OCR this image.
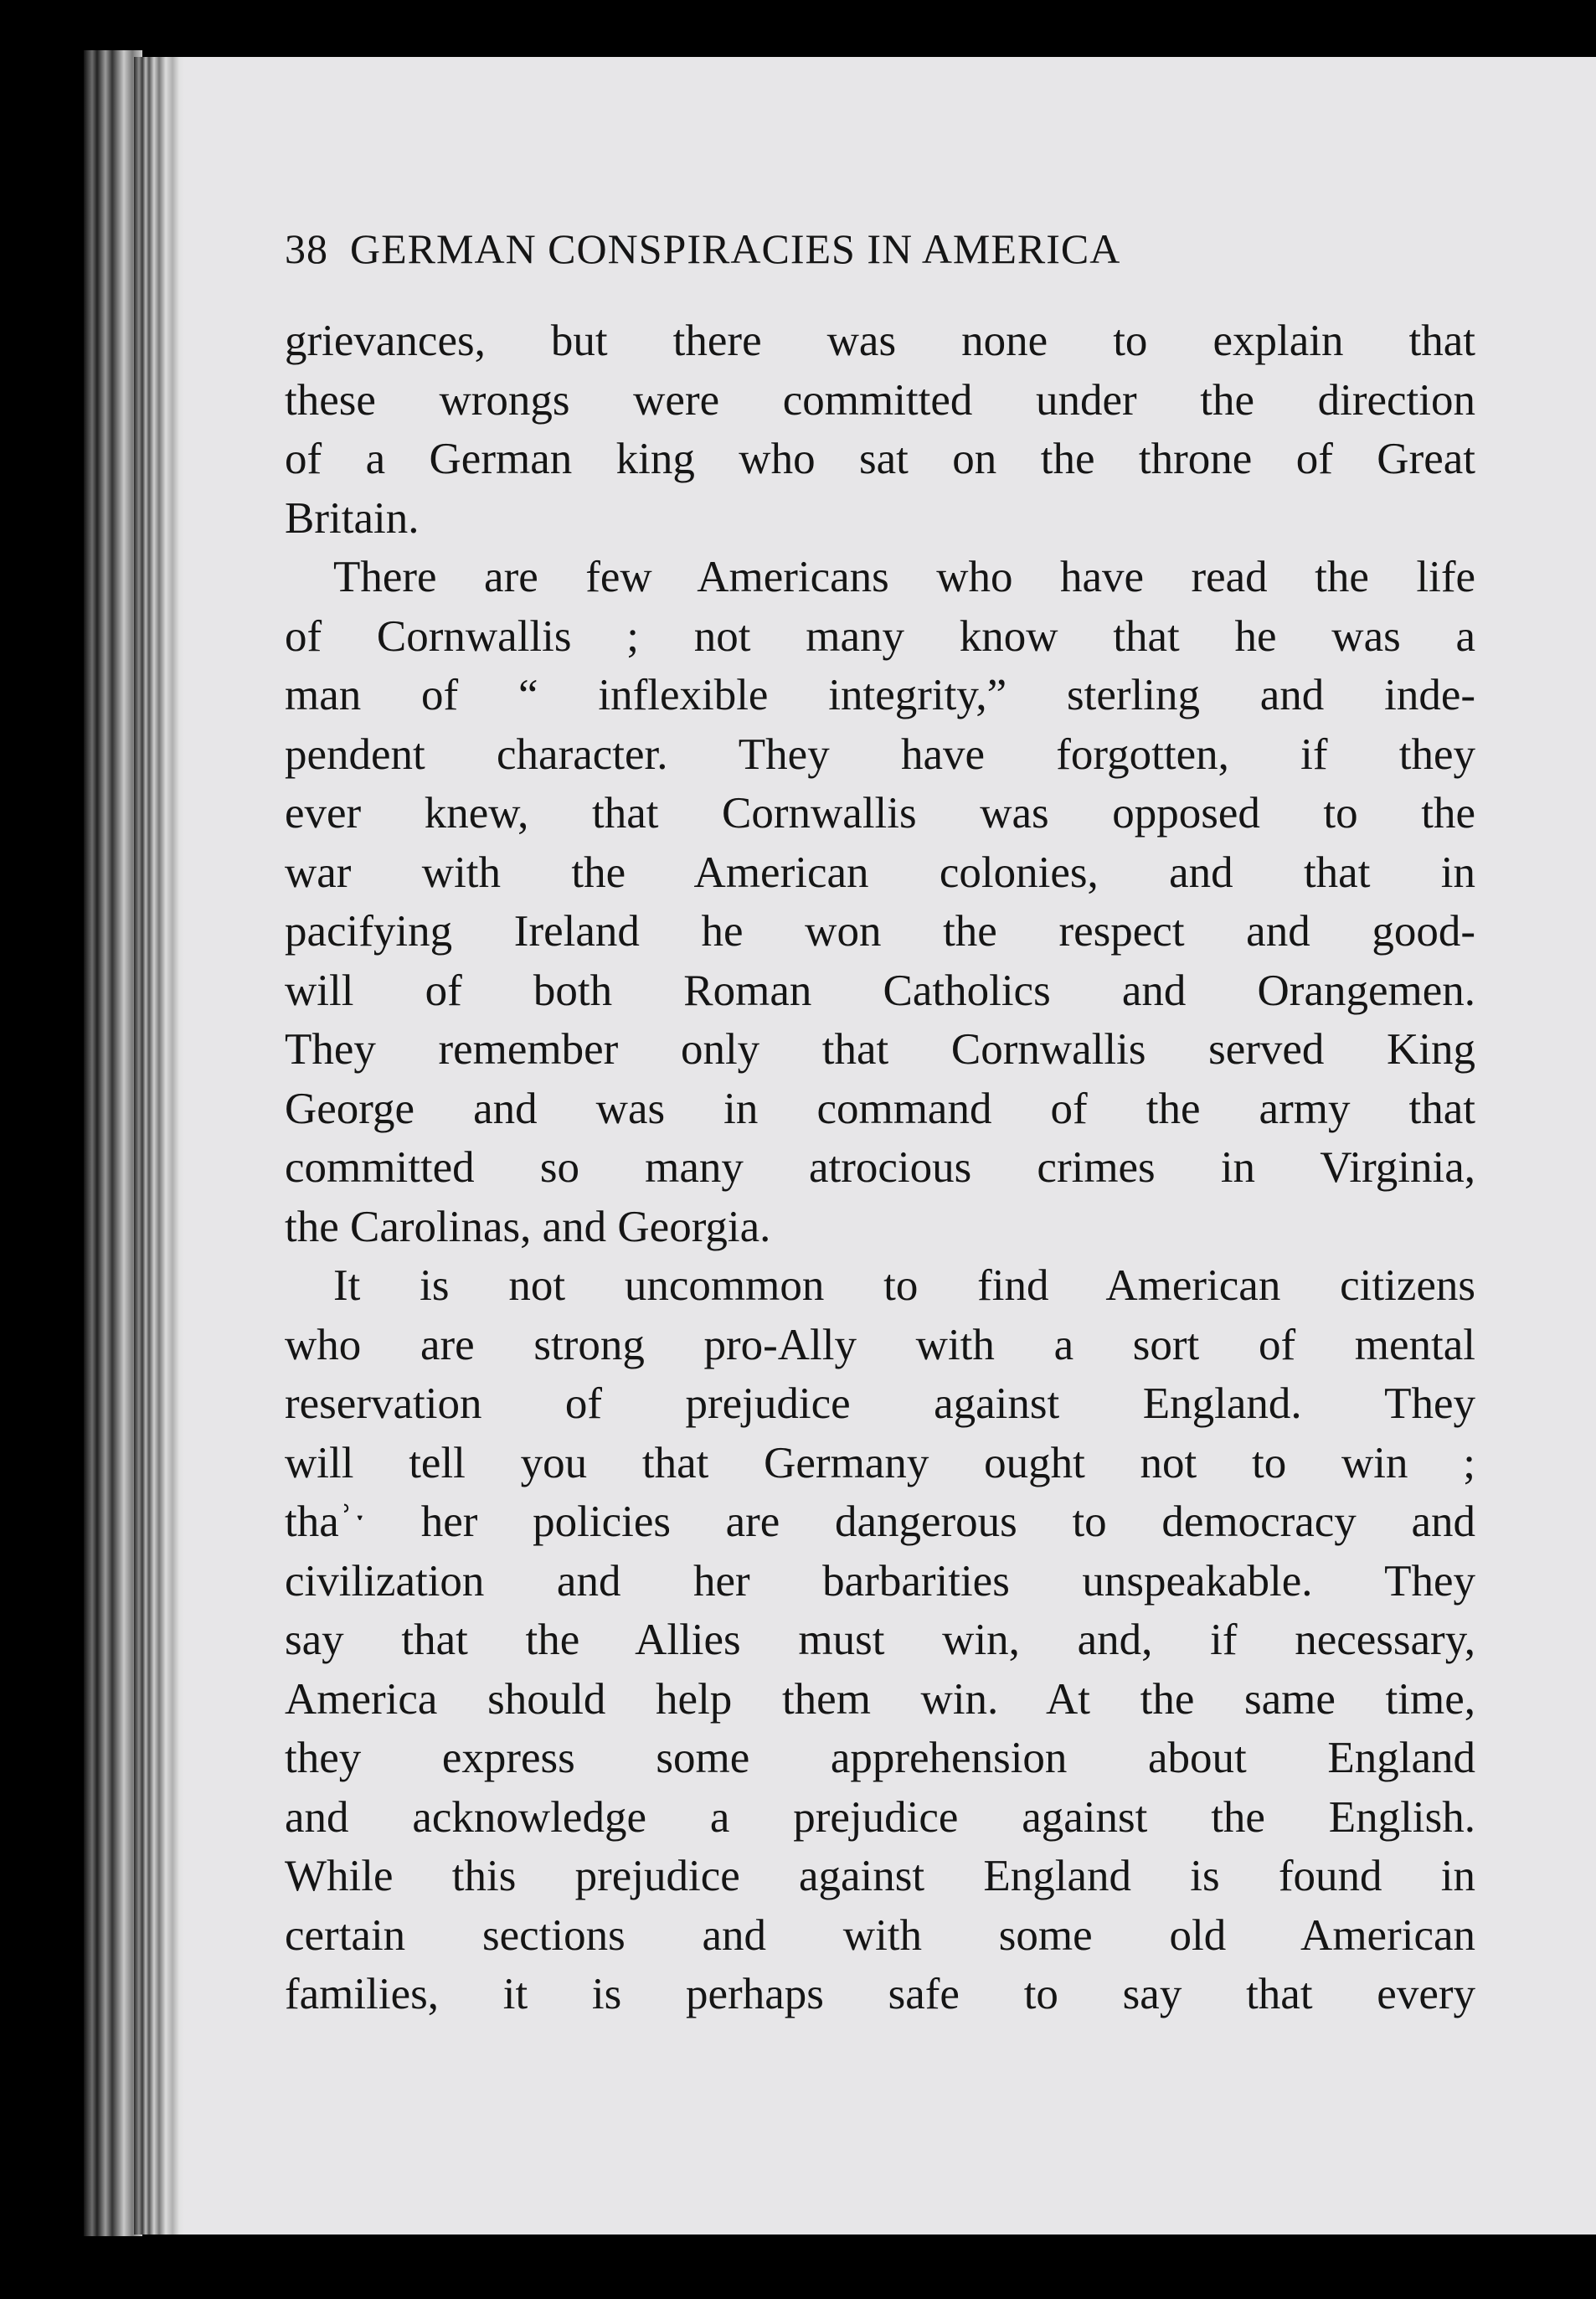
38 GERMAN CONSPIRACIES IN AMERICA
grievances, but there was none to explain that
these wrongs were committed under the direction
of a German king who sat on the throne of Great
Britain.
There are few Americans who have read the life
of Cornwallis ; not many know that he was a
man of “ inflexible integrity,” sterling and inde-
pendent character. They have forgotten, if they
ever knew, that Cornwallis was opposed to the
war with the American colonies, and that in
pacifying Ireland he won the respect and good-
will of both Roman Catholics and Orangemen.
They remember only that Cornwallis served King
George and was in command of the army that
committed so many atrocious crimes in Virginia,
the Carolinas, and Georgia.
It is not uncommon to find American citizens
who are strong pro-Ally with a sort of mental
reservation of prejudice against England. They
will tell you that Germany ought not to win ;
thaʾˑ her policies are dangerous to democracy and
civilization and her barbarities unspeakable. They
say that the Allies must win, and, if necessary,
America should help them win. At the same time,
they express some apprehension about England
and acknowledge a prejudice against the English.
While this prejudice against England is found in
certain sections and with some old American
families, it is perhaps safe to say that every
